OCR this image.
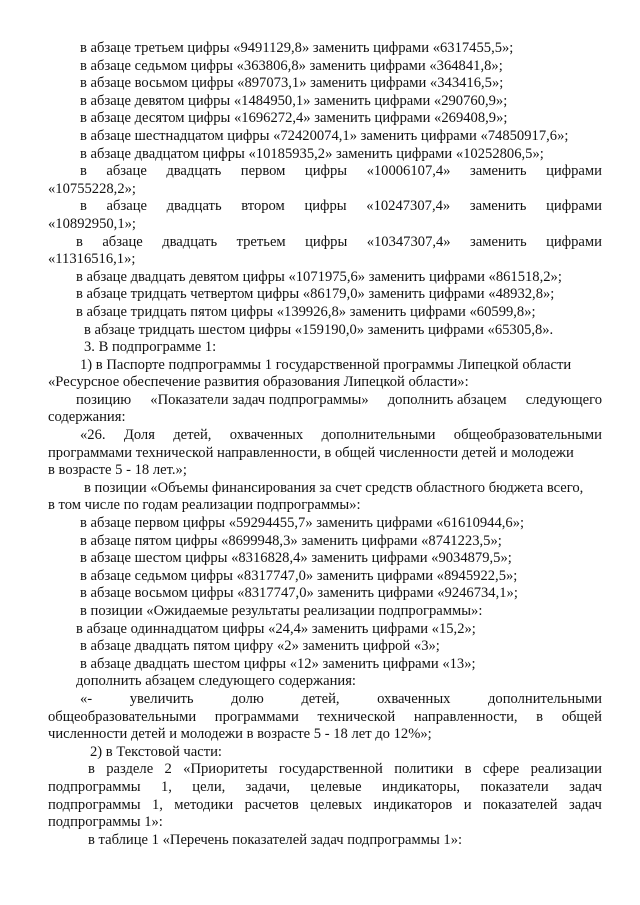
в абзаце третьем цифры «9491129,8» заменить цифрами «6317455,5»;
в абзаце седьмом цифры «363806,8» заменить цифрами «364841,8»;
в абзаце восьмом цифры «897073,1» заменить цифрами «343416,5»;
в абзаце девятом цифры «1484950,1» заменить цифрами «290760,9»;
в абзаце десятом цифры «1696272,4» заменить цифрами «269408,9»;
в абзаце шестнадцатом цифры «72420074,1» заменить цифрами «74850917,6»;
в абзаце двадцатом цифры «10185935,2» заменить цифрами «10252806,5»;
в абзаце двадцать первом цифры «10006107,4» заменить цифрами
«10755228,2»;
в абзаце двадцать втором цифры «10247307,4» заменить цифрами
«10892950,1»;
в абзаце двадцать третьем цифры «10347307,4» заменить цифрами
«11316516,1»;
в абзаце двадцать девятом цифры «1071975,6» заменить цифрами «861518,2»;
в абзаце тридцать четвертом цифры «86179,0» заменить цифрами «48932,8»;
в абзаце тридцать пятом цифры «139926,8» заменить цифрами «60599,8»;
в абзаце тридцать шестом цифры «159190,0» заменить цифрами «65305,8».
3. В подпрограмме 1:
1) в Паспорте подпрограммы 1 государственной программы Липецкой области
«Ресурсное обеспечение развития образования Липецкой области»:
позицию «Показатели задач подпрограммы» дополнить абзацем следующего
содержания:
«26. Доля детей, охваченных дополнительными общеобразовательными
программами технической направленности, в общей численности детей и молодежи
в возрасте 5 - 18 лет.»;
в позиции «Объемы финансирования за счет средств областного бюджета всего,
в том числе по годам реализации подпрограммы»:
в абзаце первом цифры «59294455,7» заменить цифрами «61610944,6»;
в абзаце пятом цифры «8699948,3» заменить цифрами «8741223,5»;
в абзаце шестом цифры «8316828,4» заменить цифрами «9034879,5»;
в абзаце седьмом цифры «8317747,0» заменить цифрами «8945922,5»;
в абзаце восьмом цифры «8317747,0» заменить цифрами «9246734,1»;
в позиции «Ожидаемые результаты реализации подпрограммы»:
в абзаце одиннадцатом цифры «24,4» заменить цифрами «15,2»;
в абзаце двадцать пятом цифру «2» заменить цифрой «3»;
в абзаце двадцать шестом цифры «12» заменить цифрами «13»;
дополнить абзацем следующего содержания:
«-	увеличить	долю	детей,	охваченных	дополнительными
общеобразовательными программами технической направленности, в общей
численности детей и молодежи в возрасте 5 - 18 лет до 12%»;
2) в Текстовой части:
в разделе 2 «Приоритеты государственной политики в сфере реализации
подпрограммы 1, цели, задачи, целевые индикаторы, показатели задач
подпрограммы 1, методики расчетов целевых индикаторов и показателей задач
подпрограммы 1»:
в таблице 1 «Перечень показателей задач подпрограммы 1»:
